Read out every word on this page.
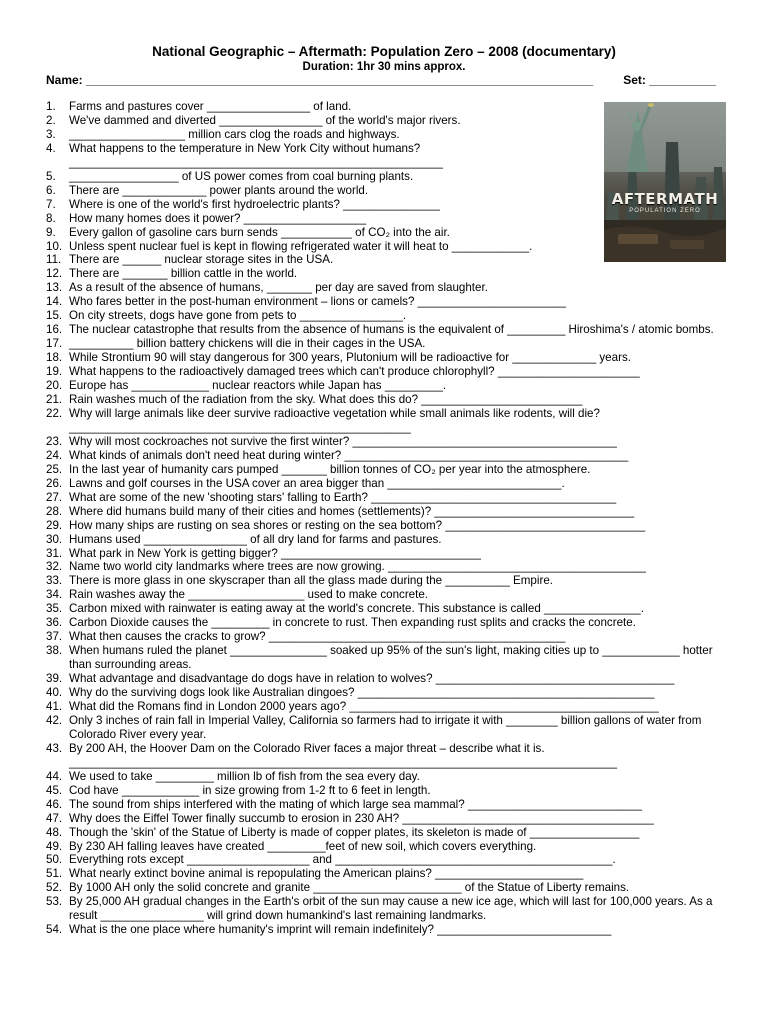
National Geographic – Aftermath: Population Zero – 2008 (documentary)
Duration: 1hr 30 mins approx.
Name: ____________________________________________________________________________	Set: __________
AFTERMATH
POPULATION ZERO
1. Farms and pastures cover ________________ of land.
2. We've dammed and diverted ________________ of the world's major rivers.
3. __________________ million cars clog the roads and highways.
4. What happens to the temperature in New York City without humans?
__________________________________________________________
5. _________________ of US power comes from coal burning plants.
6. There are _____________ power plants around the world.
7. Where is one of the world's first hydroelectric plants? _______________
8. How many homes does it power? ___________________
9. Every gallon of gasoline cars burn sends ___________ of CO₂ into the air.
10. Unless spent nuclear fuel is kept in flowing refrigerated water it will heat to ____________.
11. There are ______ nuclear storage sites in the USA.
12. There are _______ billion cattle in the world.
13. As a result of the absence of humans, _______ per day are saved from slaughter.
14. Who fares better in the post-human environment – lions or camels? _______________________
15. On city streets, dogs have gone from pets to ________________.
16. The nuclear catastrophe that results from the absence of humans is the equivalent of _________ Hiroshima's / atomic bombs.
17. __________ billion battery chickens will die in their cages in the USA.
18. While Strontium 90 will stay dangerous for 300 years, Plutonium will be radioactive for _____________ years.
19. What happens to the radioactively damaged trees which can't produce chlorophyll? ______________________
20. Europe has ____________ nuclear reactors while Japan has _________.
21. Rain washes much of the radiation from the sky. What does this do? _________________________
22. Why will large animals like deer survive radioactive vegetation while small animals like rodents, will die?
_____________________________________________________
23. Why will most cockroaches not survive the first winter? _________________________________________
24. What kinds of animals don't need heat during winter? ____________________________________________
25. In the last year of humanity cars pumped _______ billion tonnes of CO₂ per year into the atmosphere.
26. Lawns and golf courses in the USA cover an area bigger than ___________________________.
27. What are some of the new 'shooting stars' falling to Earth? ______________________________________
28. Where did humans build many of their cities and homes (settlements)? _______________________________
29. How many ships are rusting on sea shores or resting on the sea bottom? _______________________________
30. Humans used ________________ of all dry land for farms and pastures.
31. What park in New York is getting bigger? _______________________________
32. Name two world city landmarks where trees are now growing. ________________________________________
33. There is more glass in one skyscraper than all the glass made during the __________ Empire.
34. Rain washes away the __________________ used to make concrete.
35. Carbon mixed with rainwater is eating away at the world's concrete. This substance is called _______________.
36. Carbon Dioxide causes the _________ in concrete to rust. Then expanding rust splits and cracks the concrete.
37. What then causes the cracks to grow? ______________________________________________
38. When humans ruled the planet _______________ soaked up 95% of the sun's light, making cities up to ____________ hotter than surrounding areas.
39. What advantage and disadvantage do dogs have in relation to wolves? _____________________________________
40. Why do the surviving dogs look like Australian dingoes? ______________________________________________
41. What did the Romans find in London 2000 years ago? ________________________________________________
42. Only 3 inches of rain fall in Imperial Valley, California so farmers had to irrigate it with ________ billion gallons of water from Colorado River every year.
43. By 200 AH, the Hoover Dam on the Colorado River faces a major threat – describe what it is.
_____________________________________________________________________________________
44. We used to take _________ million lb of fish from the sea every day.
45. Cod have ____________ in size growing from 1-2 ft to 6 feet in length.
46. The sound from ships interfered with the mating of which large sea mammal? ___________________________
47. Why does the Eiffel Tower finally succumb to erosion in 230 AH? _______________________________________
48. Though the 'skin' of the Statue of Liberty is made of copper plates, its skeleton is made of _________________
49. By 230 AH falling leaves have created _________feet of new soil, which covers everything.
50. Everything rots except ___________________ and ___________________________________________.
51. What nearly extinct bovine animal is repopulating the American plains? _______________________
52. By 1000 AH only the solid concrete and granite _______________________ of the Statue of Liberty remains.
53. By 25,000 AH gradual changes in the Earth's orbit of the sun may cause a new ice age, which will last for 100,000 years. As a result ________________ will grind down humankind's last remaining landmarks.
54. What is the one place where humanity's imprint will remain indefinitely? ___________________________
